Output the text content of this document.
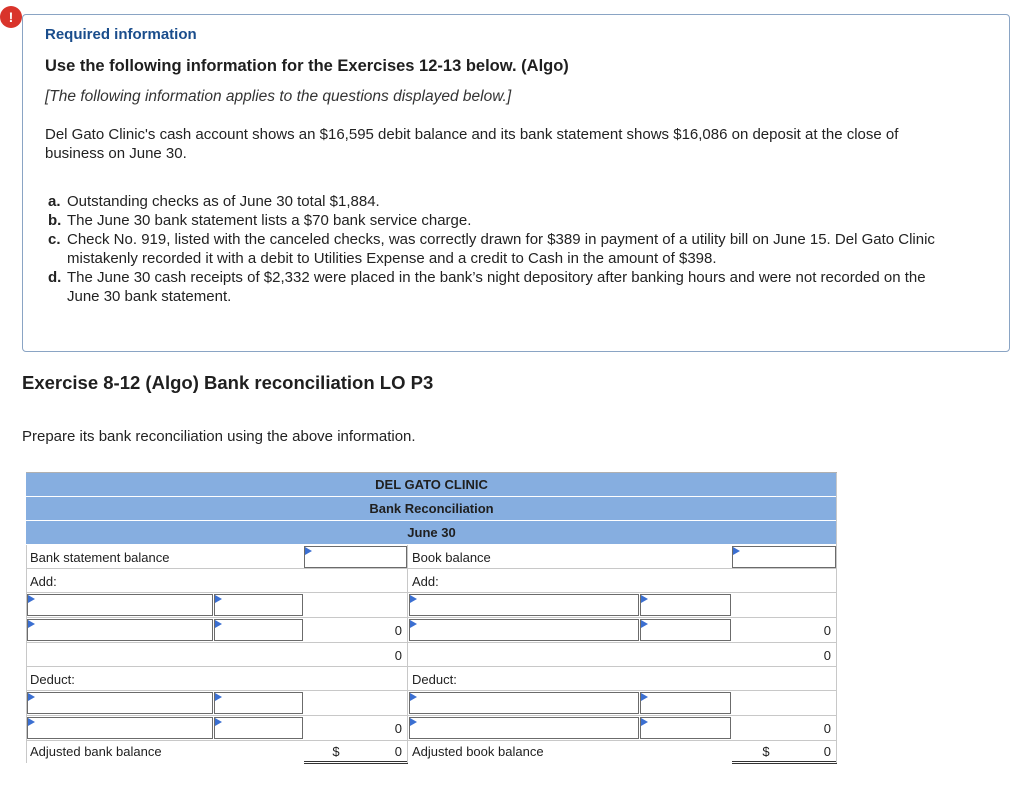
!
Required information
Use the following information for the Exercises 12-13 below. (Algo)
[The following information applies to the questions displayed below.]
Del Gato Clinic's cash account shows an $16,595 debit balance and its bank statement shows $16,086 on deposit at the close of business on June 30.
a. Outstanding checks as of June 30 total $1,884.
b. The June 30 bank statement lists a $70 bank service charge.
c. Check No. 919, listed with the canceled checks, was correctly drawn for $389 in payment of a utility bill on June 15. Del Gato Clinic mistakenly recorded it with a debit to Utilities Expense and a credit to Cash in the amount of $398.
d. The June 30 cash receipts of $2,332 were placed in the bank’s night depository after banking hours and were not recorded on the June 30 bank statement.
Exercise 8-12 (Algo) Bank reconciliation LO P3
Prepare its bank reconciliation using the above information.
DEL GATO CLINIC
Bank Reconciliation
June 30
Bank statement balance	Book balance
Add:	Add:
0	0
0	0
Deduct:	Deduct:
0	0
Adjusted bank balance	$	0 Adjusted book balance	$	0
